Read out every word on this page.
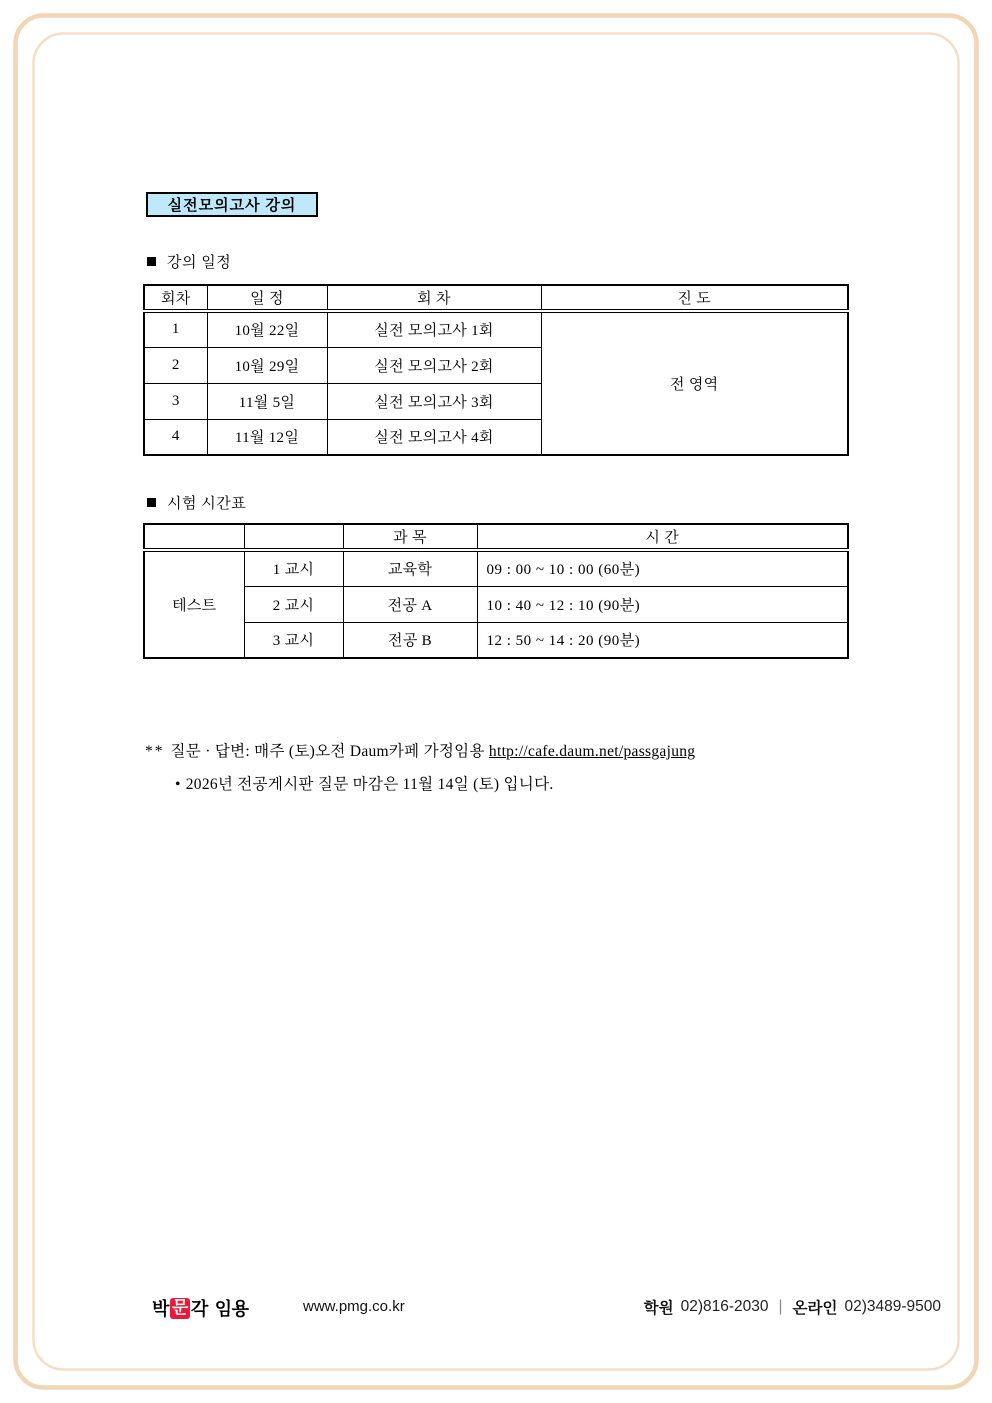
실전모의고사 강의
강의 일정
회차	일 정	회 차	진 도
1	10월 22일	실전 모의고사 1회	전 영역
2	10월 29일	실전 모의고사 2회	
3	11월 5일	실전 모의고사 3회	
4	11월 12일	실전 모의고사 4회	
시험 시간표
		과 목	시 간
테스트	1 교시	교육학	09 : 00 ~ 10 : 00 (60분)
	2 교시	전공 A	10 : 40 ~ 12 : 10 (90분)
	3 교시	전공 B	12 : 50 ~ 14 : 20 (90분)
** 질문 · 답변: 매주 (토)오전 Daum카페 가정임용 http://cafe.daum.net/passgajung
• 2026년 전공게시판 질문 마감은 11월 14일 (토) 입니다.
박 문 각 임용	www.pmg.co.kr	학원 02)816-2030 | 온라인 02)3489-9500
